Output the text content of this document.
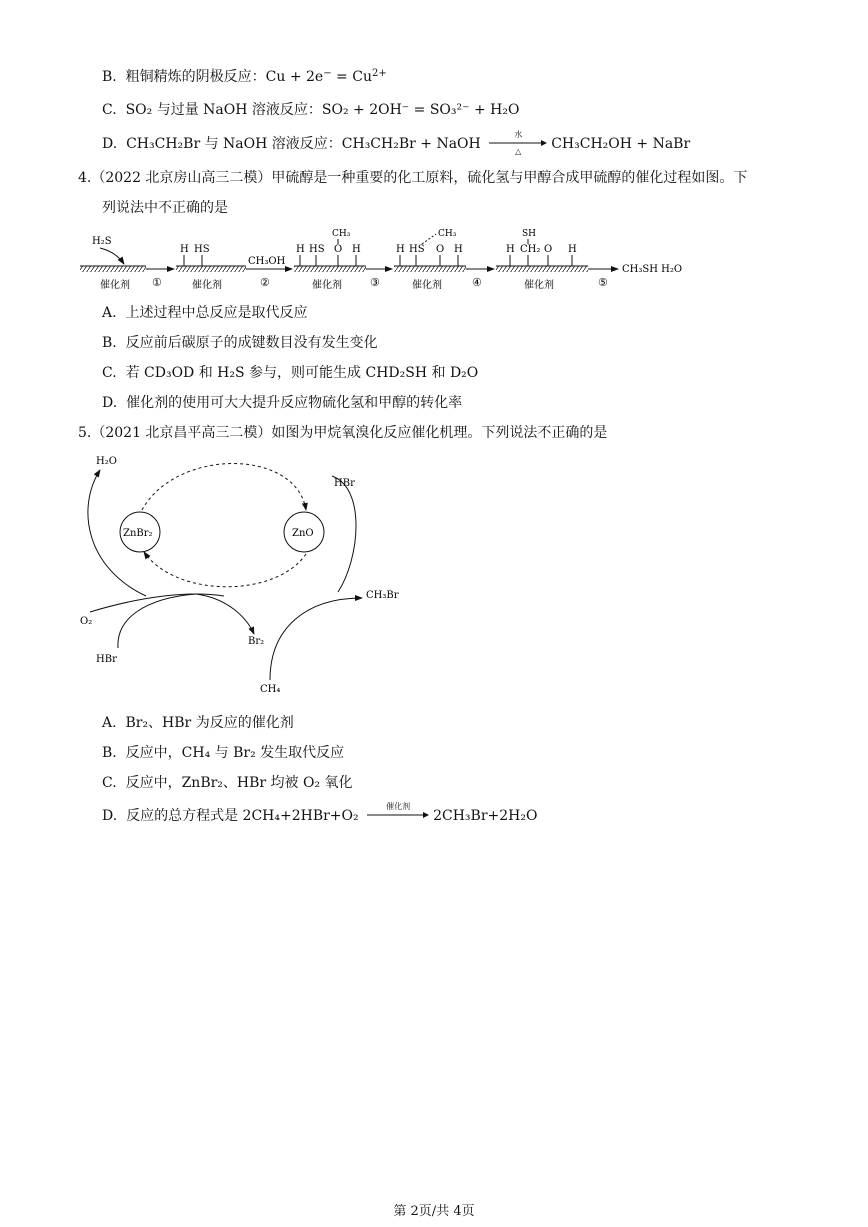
B. 粗铜精炼的阴极反应：$Cu + 2e^- = Cu^{2+}$
C. SO₂ 与过量 NaOH 溶液反应：SO₂ + 2OH⁻ = SO₃²⁻ + H₂O
D. CH₃CH₂Br 与 NaOH 溶液反应：CH₃CH₂Br + NaOH
水
△	CH₃CH₂OH + NaBr
4.（2022 北京房山高三二模）甲硫醇是一种重要的化工原料，硫化氢与甲醇合成甲硫醇的催化过程如图。下
列说法中不正确的是
H₂S
H HS
CH₃OH
H HS
CH₃
O H	H HS
CH₃
O H
SH
H CH₂ O H
CH₃SH H₂O
催化剂	催化剂	催化剂	催化剂	催化剂
①	②	③	④	⑤
A. 上述过程中总反应是取代反应
B. 反应前后碳原子的成键数目没有发生变化
C. 若 CD₃OD 和 H₂S 参与，则可能生成 CHD₂SH 和 D₂O
D. 催化剂的使用可大大提升反应物硫化氢和甲醇的转化率
5.（2021 北京昌平高三二模）如图为甲烷氧溴化反应催化机理。下列说法不正确的是
ZnBr₂	ZnO
H₂O
O₂
HBr
Br₂
HBr
CH₄
CH₃Br
A. Br₂、HBr 为反应的催化剂
B. 反应中，CH₄ 与 Br₂ 发生取代反应
C. 反应中，ZnBr₂、HBr 均被 O₂ 氧化
D. 反应的总方程式是 2CH₄+2HBr+O₂
催化剂
2CH₃Br+2H₂O
第 2页/共 4页
